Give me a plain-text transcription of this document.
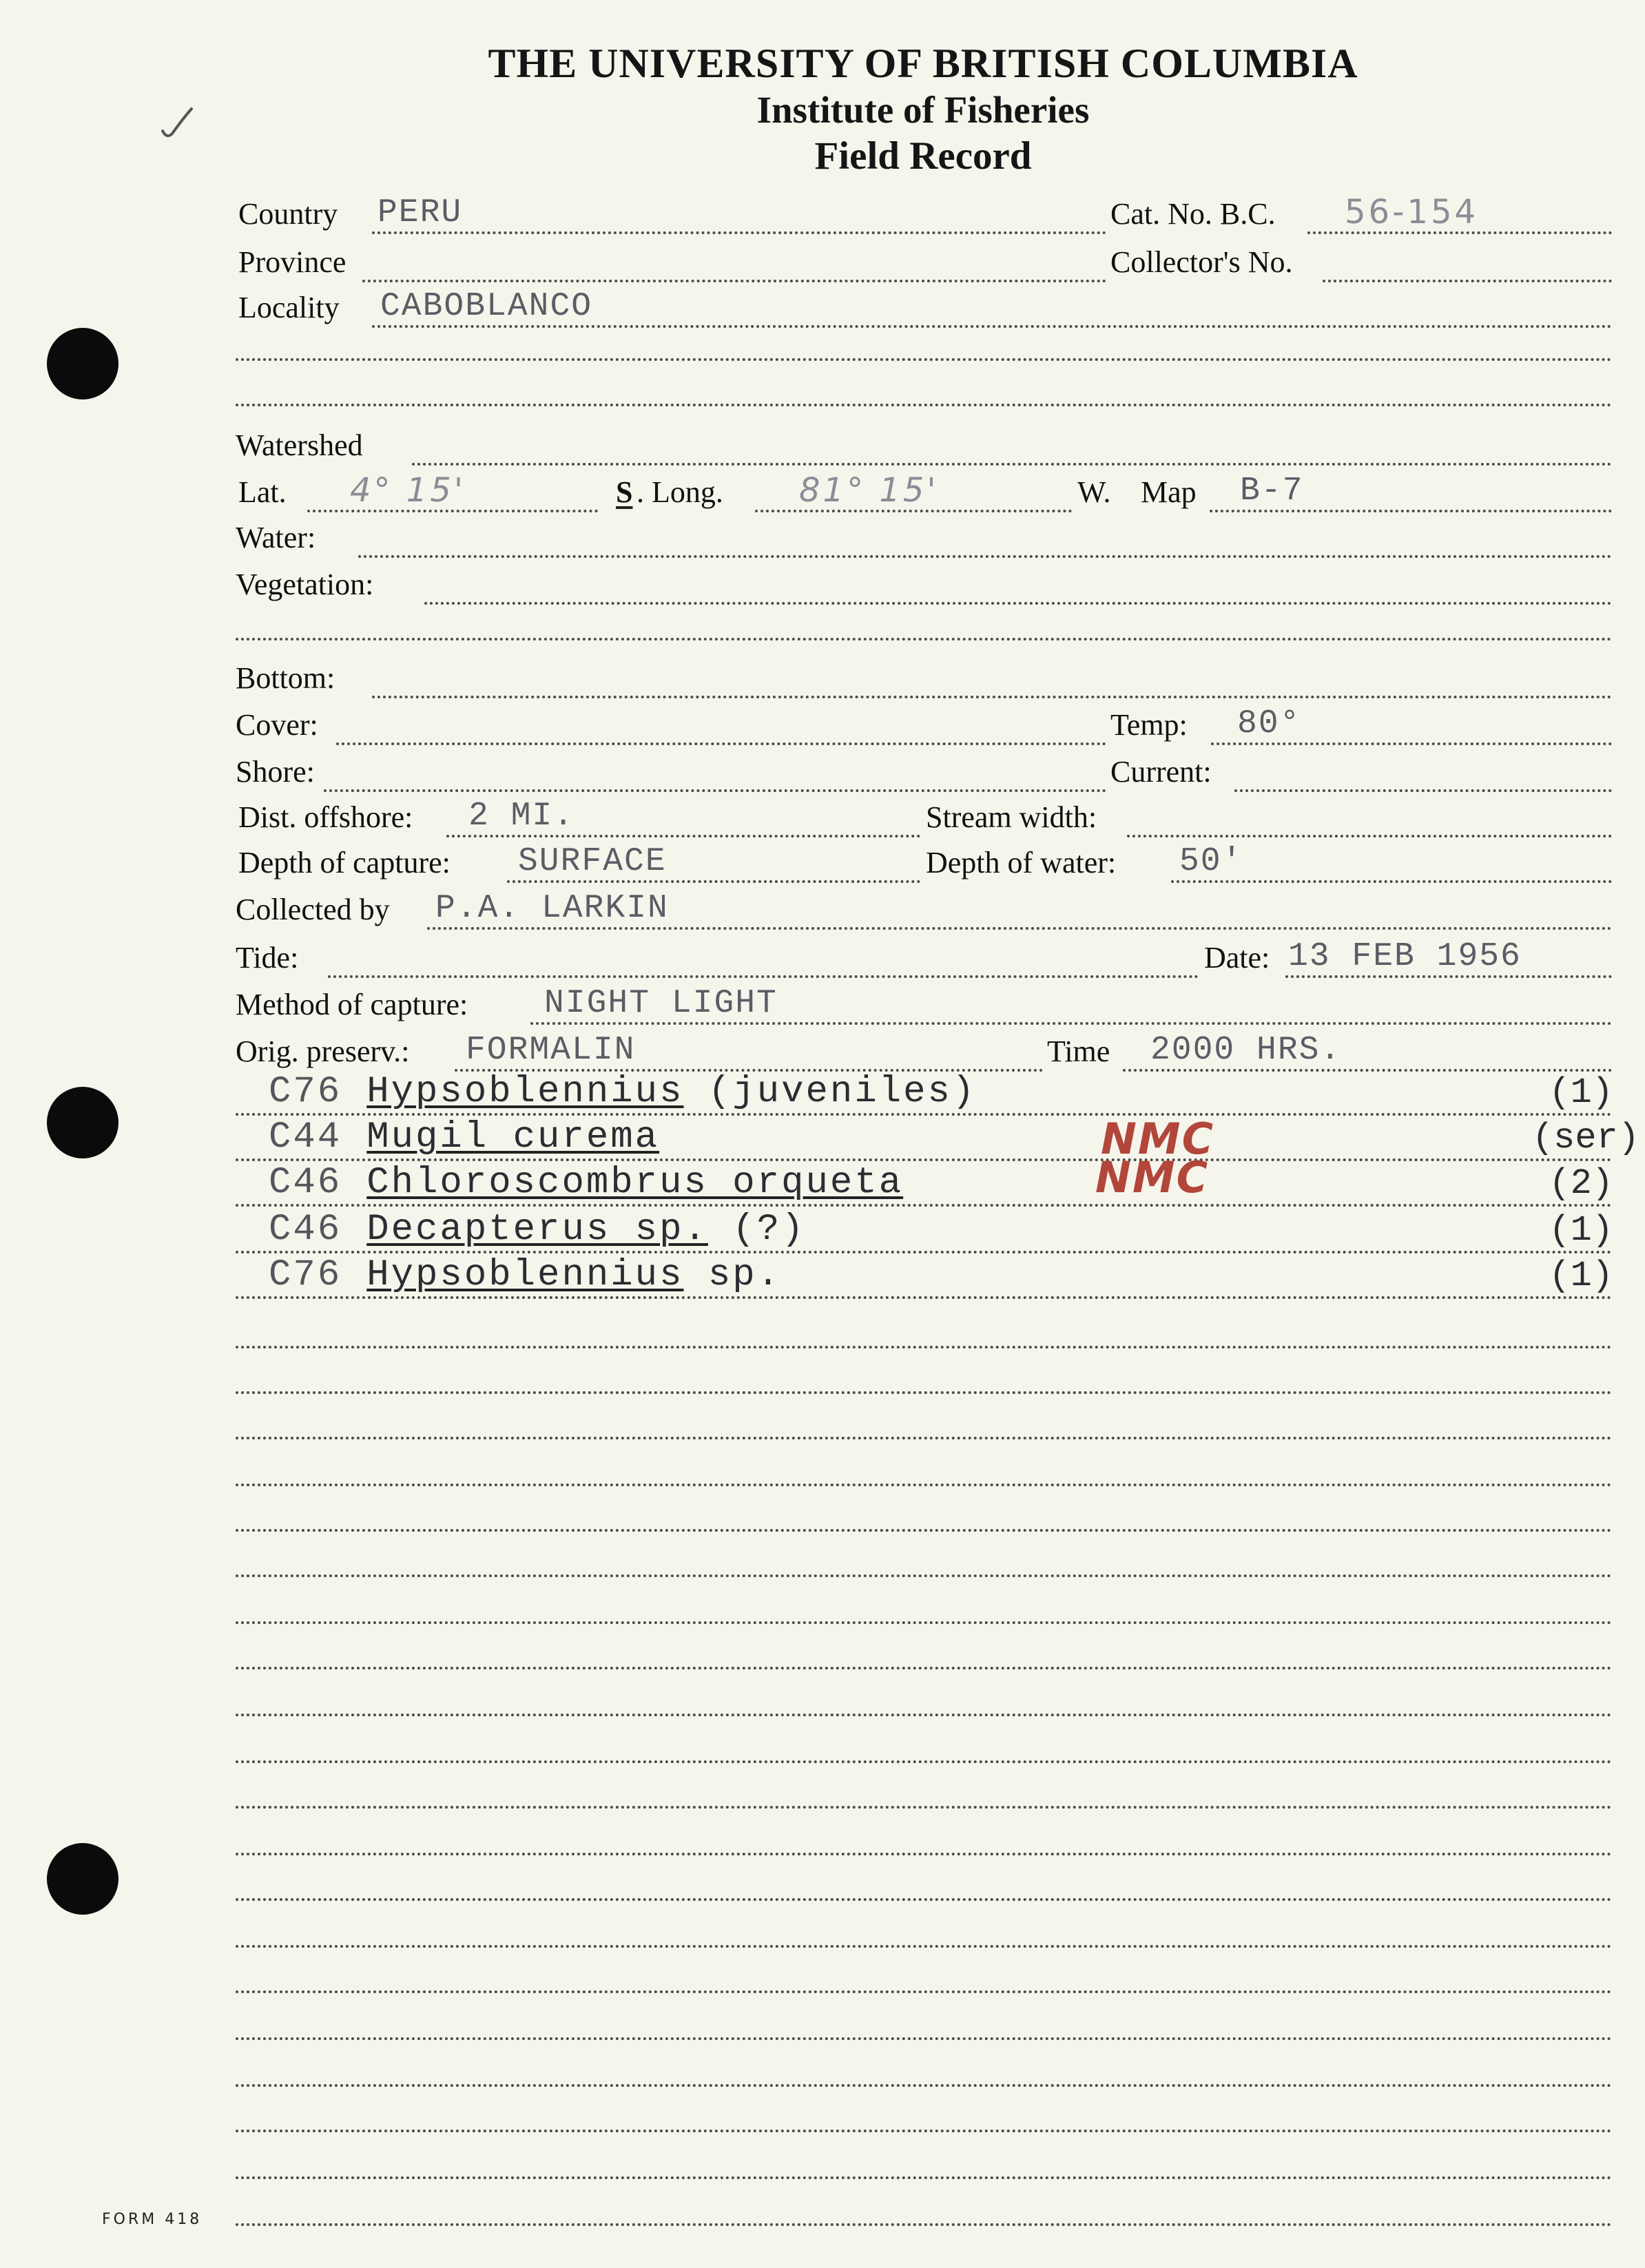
THE UNIVERSITY OF BRITISH COLUMBIA
Institute of Fisheries
Field Record
Country PERU	Cat. No. B.C. 56-154
Province	Collector's No.
Locality CABOBLANCO
Watershed
Lat. 4° 15'	S . Long. 81° 15'	W. Map B-7
Water:
Vegetation:
Bottom:
Cover:	Temp: 80°
Shore:	Current:
Dist. offshore: 2 MI.	Stream width:
Depth of capture: SURFACE	Depth of water: 50'
Collected by P.A. LARKIN
Tide:	Date: 13 FEB 1956
Method of capture: NIGHT LIGHT
Orig. preserv.: FORMALIN	Time 2000 HRS.
C76 Hypsoblennius (juveniles)	(1)
C44 Mugil curema	NMC	(ser)
C46 Chloroscombrus orqueta	NMC	(2)
C46 Decapterus sp. (?)	(1)
C76 Hypsoblennius sp.	(1)
FORM 418
